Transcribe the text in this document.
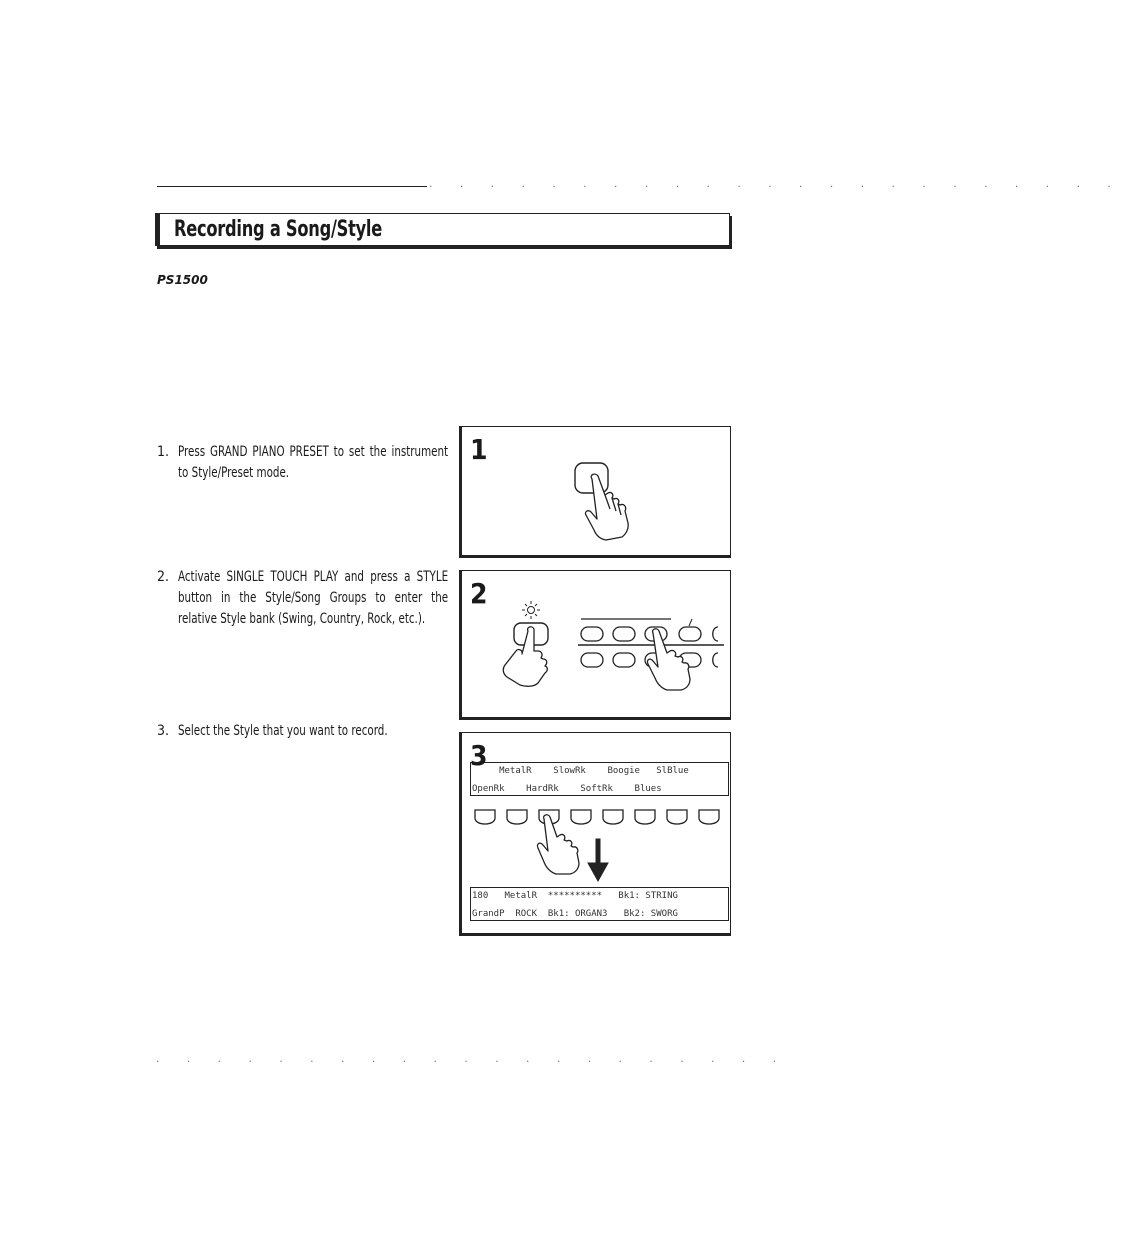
. . . . . . . . . . . . . . . . . . . . . . .
Recording a Song/Style
PS1500
1. Press GRAND PIANO PRESET to set the instrument to Style/Preset mode.
2. Activate SINGLE TOUCH PLAY and press a STYLE button in the Style/Song Groups to enter the relative Style bank (Swing, Country, Rock, etc.).
3. Select the Style that you want to record.
1
2

MetalR    SlowRk    Boogie   SlBlue

OpenRk    HardRk    SoftRk    Blues

180   MetalR  **********   Bk1: STRING

GrandP  ROCK  Bk1: ORGAN3   Bk2: SWORG

3
. . . . . . . . . . . . . . . . . . . . .
